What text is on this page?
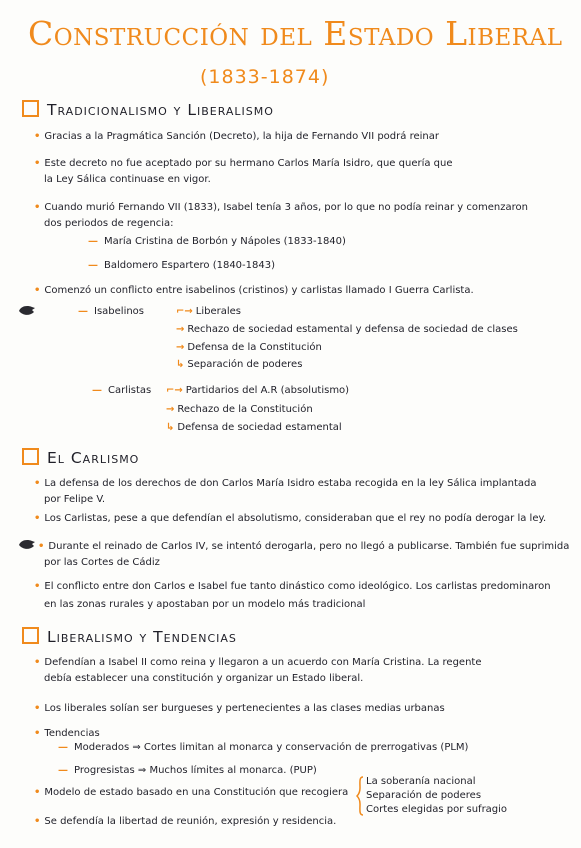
Construcción del Estado Liberal
(1833-1874)
Tradicionalismo y Liberalismo
• Gracias a la Pragmática Sanción (Decreto), la hija de Fernando VII podrá reinar
• Este decreto no fue aceptado por su hermano Carlos María Isidro, que quería que
la Ley Sálica continuase en vigor.
• Cuando murió Fernando VII (1833), Isabel tenía 3 años, por lo que no podía reinar y comenzaron
dos periodos de regencia:
— María Cristina de Borbón y Nápoles (1833-1840)
— Baldomero Espartero (1840-1843)
• Comenzó un conflicto entre isabelinos (cristinos) y carlistas llamado I Guerra Carlista.
— Isabelinos	⌐→ Liberales
→ Rechazo de sociedad estamental y defensa de sociedad de clases
→ Defensa de la Constitución
↳ Separación de poderes
— Carlistas ⌐→ Partidarios del A.R (absolutismo)
→ Rechazo de la Constitución
↳ Defensa de sociedad estamental
El Carlismo
• La defensa de los derechos de don Carlos María Isidro estaba recogida en la ley Sálica implantada
por Felipe V.
• Los Carlistas, pese a que defendían el absolutismo, consideraban que el rey no podía derogar la ley.
• Durante el reinado de Carlos IV, se intentó derogarla, pero no llegó a publicarse. También fue suprimida
por las Cortes de Cádiz
• El conflicto entre don Carlos e Isabel fue tanto dinástico como ideológico. Los carlistas predominaron
en las zonas rurales y apostaban por un modelo más tradicional
Liberalismo y Tendencias
• Defendían a Isabel II como reina y llegaron a un acuerdo con María Cristina. La regente
debía establecer una constitución y organizar un Estado liberal.
• Los liberales solían ser burgueses y pertenecientes a las clases medias urbanas
• Tendencias
— Moderados ⇒ Cortes limitan al monarca y conservación de prerrogativas (PLM)
— Progresistas ⇒ Muchos límites al monarca. (PUP)
• Modelo de estado basado en una Constitución que recogiera
La soberanía nacional
Separación de poderes
Cortes elegidas por sufragio
• Se defendía la libertad de reunión, expresión y residencia.
